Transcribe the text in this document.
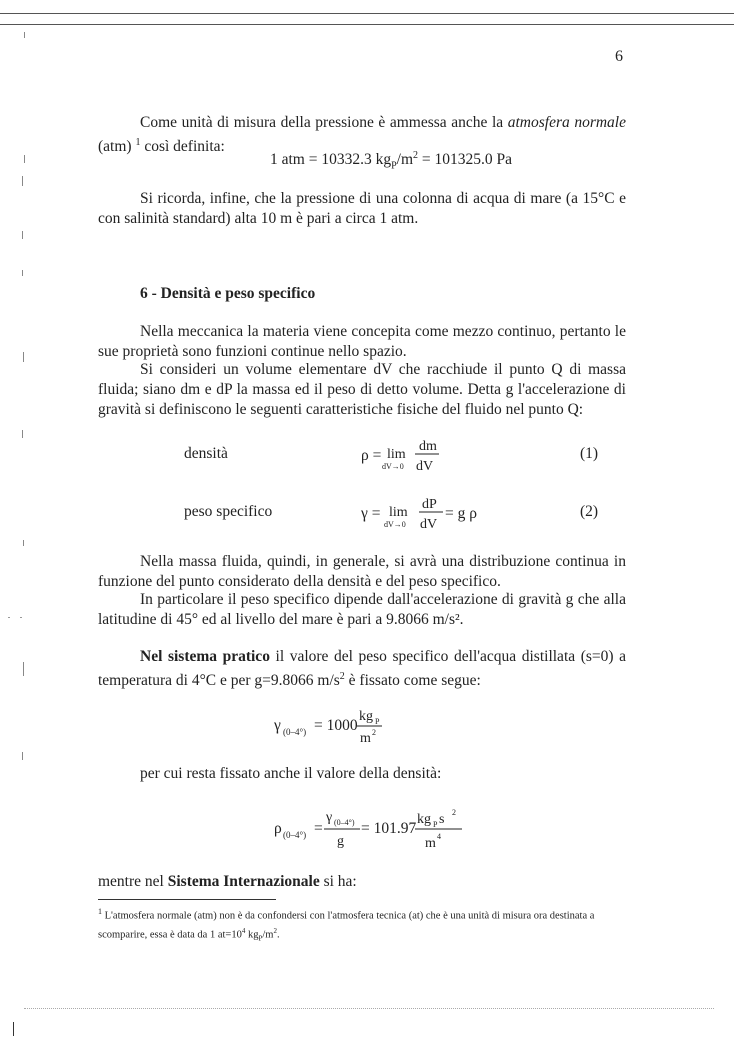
6
Come unità di misura della pressione è ammessa anche la atmosfera normale (atm) $^1$ così definita:
1 atm = 10332.3 $kg_P/m^2 = 101325.0$ Pa
Si ricorda, infine, che la pressione di una colonna di acqua di mare (a 15°C e con salinità standard) alta 10 m è pari a circa 1 atm.
6 - Densità e peso specifico
Nella meccanica la materia viene concepita come mezzo continuo, pertanto le sue proprietà sono funzioni continue nello spazio.
Si consideri un volume elementare dV che racchiude il punto Q di massa fluida; siano dm e dP la massa ed il peso di detto volume. Detta g l'accelerazione di gravità si definiscono le seguenti caratteristiche fisiche del fluido nel punto Q:
densità	ρ = lim
dV→0
dm
dV
(1)
peso specifico	γ = lim
dV→0
dP
dV
= g ρ	(2)
Nella massa fluida, quindi, in generale, si avrà una distribuzione continua in funzione del punto considerato della densità e del peso specifico.
In particolare il peso specifico dipende dall'accelerazione di gravità g che alla latitudine di 45° ed al livello del mare è pari a 9.8066 m/s².
Nel sistema pratico il valore del peso specifico dell'acqua distillata (s=0) a temperatura di 4°C e per g=9.8066 $m/s^2$ è fissato come segue:
γ (0–4°) = 1000
kg P
m 2
per cui resta fissato anche il valore della densità:
ρ (0–4°) =
γ (0–4°)
g
= 101.97
kg P s 2
m 4
mentre nel Sistema Internazionale si ha:
$^1$ L'atmosfera normale (atm) non è da confondersi con l'atmosfera tecnica (at) che è una unità di misura ora destinata a scomparire, essa è data da 1 $at=10^4$ $kg_P/m^2$.
